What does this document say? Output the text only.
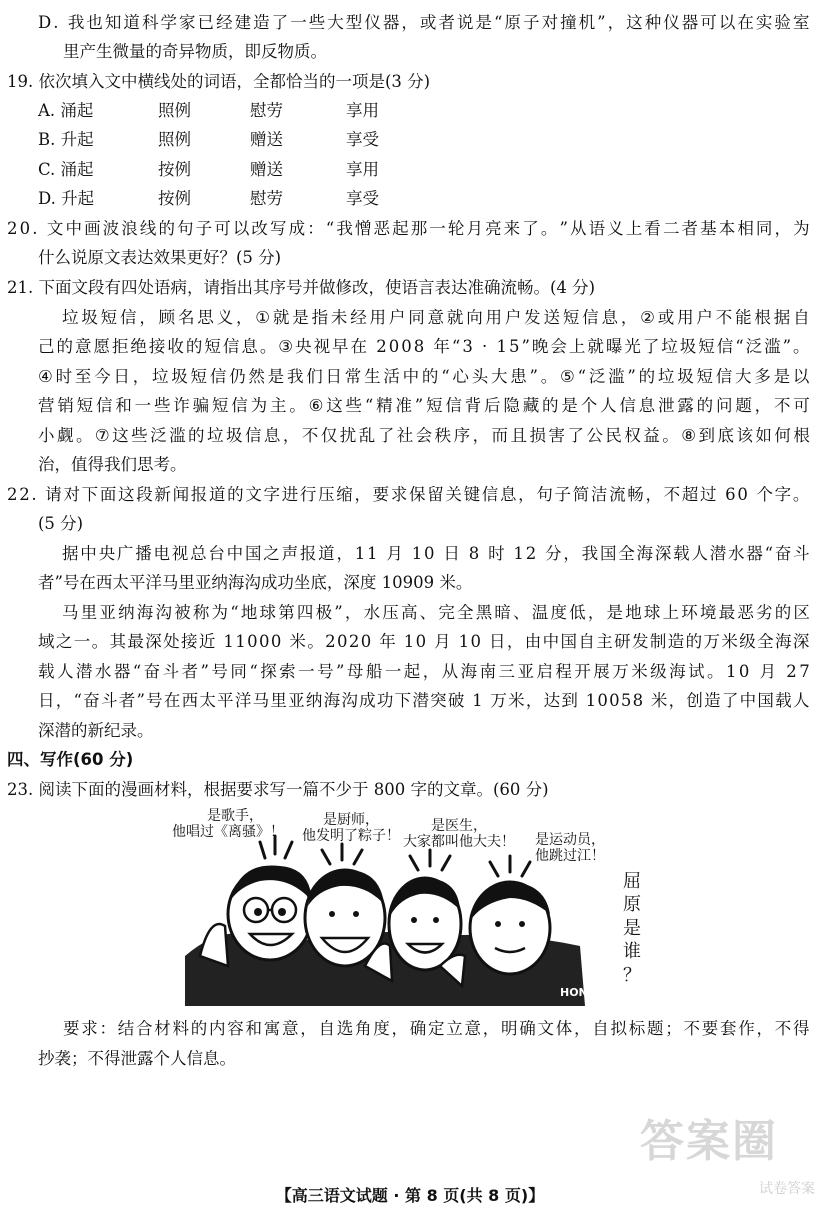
D .
我 也 知 道 科 学 家 已 经 建 造 了 一 些 大 型 仪 器 ， 或 者 说 是 “ 原 子 对 撞 机 ” ， 这 种 仪 器 可 以 在 实 验 室
里产生微量的奇异物质，即反物质。
19. 依次填入文中横线处的词语，全都恰当的一项是(3 分)
A. 涌起	照例	慰劳	享用
B. 升起	照例	赠送	享受
C. 涌起	按例	赠送	享用
D. 升起	按例	慰劳	享受
2 0 .
文 中 画 波 浪 线 的 句 子 可 以 改 写 成 ： “ 我 憎 恶 起 那 一 轮 月 亮 来 了 。 ” 从 语 义 上 看 二 者 基 本 相 同 ， 为
什么说原文表达效果更好？(5 分)
21. 下面文段有四处语病，请指出其序号并做修改，使语言表达准确流畅。(4 分)
垃 圾 短 信 ， 顾 名 思 义 ， ① 就 是 指 未 经 用 户 同 意 就 向 用 户 发 送 短 信 息 ， ② 或 用 户 不 能 根 据 自
己 的 意 愿 拒 绝 接 收 的 短 信 息 。 ③ 央 视 早 在
2 0 0 8
年 “ 3
·
1 5 ” 晚 会 上 就 曝 光 了 垃 圾 短 信 “ 泛 滥 ” 。
④ 时 至 今 日 ， 垃 圾 短 信 仍 然 是 我 们 日 常 生 活 中 的 “ 心 头 大 患 ” 。 ⑤ “ 泛 滥 ” 的 垃 圾 短 信 大 多 是 以
营 销 短 信 和 一 些 诈 骗 短 信 为 主 。 ⑥ 这 些 “ 精 准 ” 短 信 背 后 隐 藏 的 是 个 人 信 息 泄 露 的 问 题 ， 不 可
小 觑 。 ⑦ 这 些 泛 滥 的 垃 圾 信 息 ， 不 仅 扰 乱 了 社 会 秩 序 ， 而 且 损 害 了 公 民 权 益 。 ⑧ 到 底 该 如 何 根
治，值得我们思考。
2 2 .
请 对 下 面 这 段 新 闻 报 道 的 文 字 进 行 压 缩 ， 要 求 保 留 关 键 信 息 ， 句 子 简 洁 流 畅 ， 不 超 过
6 0
个 字 。
(5 分)
据 中 央 广 播 电 视 总 台 中 国 之 声 报 道 ， 1 1
月
1 0
日
8
时
1 2
分 ， 我 国 全 海 深 载 人 潜 水 器 “ 奋 斗
者”号在西太平洋马里亚纳海沟成功坐底，深度 10909 米。
马 里 亚 纳 海 沟 被 称 为 “ 地 球 第 四 极 ” ， 水 压 高 、 完 全 黑 暗 、 温 度 低 ， 是 地 球 上 环 境 最 恶 劣 的 区
域 之 一 。 其 最 深 处 接 近
1 1 0 0 0
米 。 2 0 2 0
年
1 0
月
1 0
日 ， 由 中 国 自 主 研 发 制 造 的 万 米 级 全 海 深
载 人 潜 水 器 “ 奋 斗 者 ” 号 同 “ 探 索 一 号 ” 母 船 一 起 ， 从 海 南 三 亚 启 程 开 展 万 米 级 海 试 。 1 0
月
2 7
日 ， “ 奋 斗 者 ” 号 在 西 太 平 洋 马 里 亚 纳 海 沟 成 功 下 潜 突 破
1
万 米 ， 达 到
1 0 0 5 8
米 ， 创 造 了 中 国 载 人
深潜的新纪录。
四、写作(60 分)
23. 阅读下面的漫画材料，根据要求写一篇不少于 800 字的文章。(60 分)
是歌手，
他唱过《离骚》！
是厨师，
他发明了粽子！
是医生，
大家都叫他大夫！ 是运动员，
他跳过江！
HONG
屈
原
是
谁
？
要 求 ： 结 合 材 料 的 内 容 和 寓 意 ， 自 选 角 度 ， 确 定 立 意 ， 明 确 文 体 ， 自 拟 标 题 ； 不 要 套 作 ， 不 得
抄袭；不得泄露个人信息。
答案圈
试卷答案
【高三语文试题 · 第 8 页(共 8 页)】
